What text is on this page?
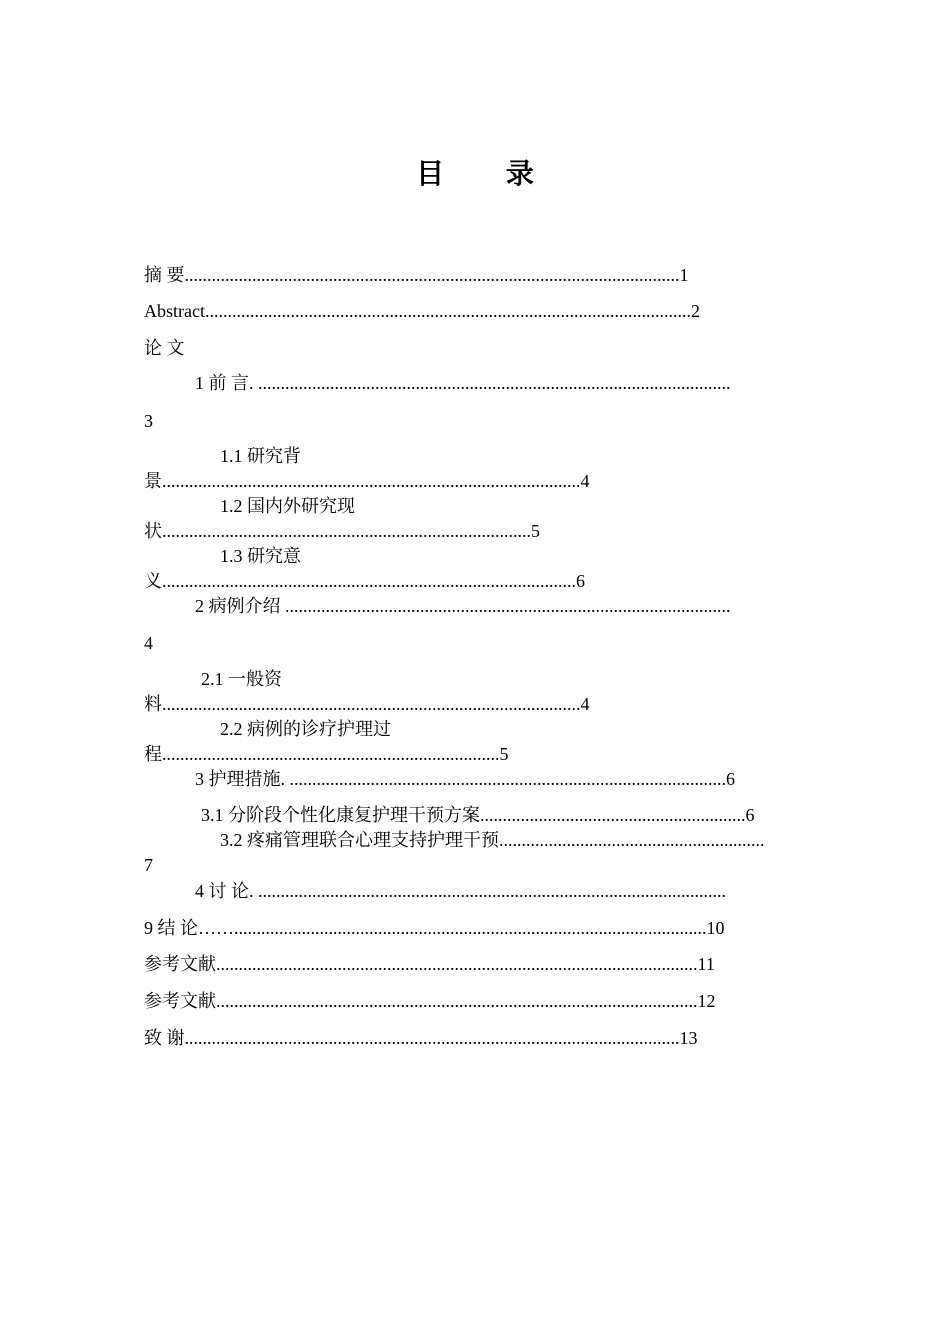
目 录
摘 要..............................................................................................................1
Abstract............................................................................................................2
论 文
1 前 言. .........................................................................................................
3
1.1 研究背
景.............................................................................................4
1.2 国内外研究现
状..................................................................................5
1.3 研究意
义............................................................................................6
2 病例介绍 ...................................................................................................
4
2.1 一般资
料.............................................................................................4
2.2 病例的诊疗护理过
程...........................................................................5
3 护理措施. .................................................................................................6
3.1 分阶段个性化康复护理干预方案...........................................................6
3.2 疼痛管理联合心理支持护理干预...........................................................
7
4 讨 论. ........................................................................................................
9 结 论…….........................................................................................................10
参考文献...........................................................................................................11
参考文献...........................................................................................................12
致 谢..............................................................................................................13
